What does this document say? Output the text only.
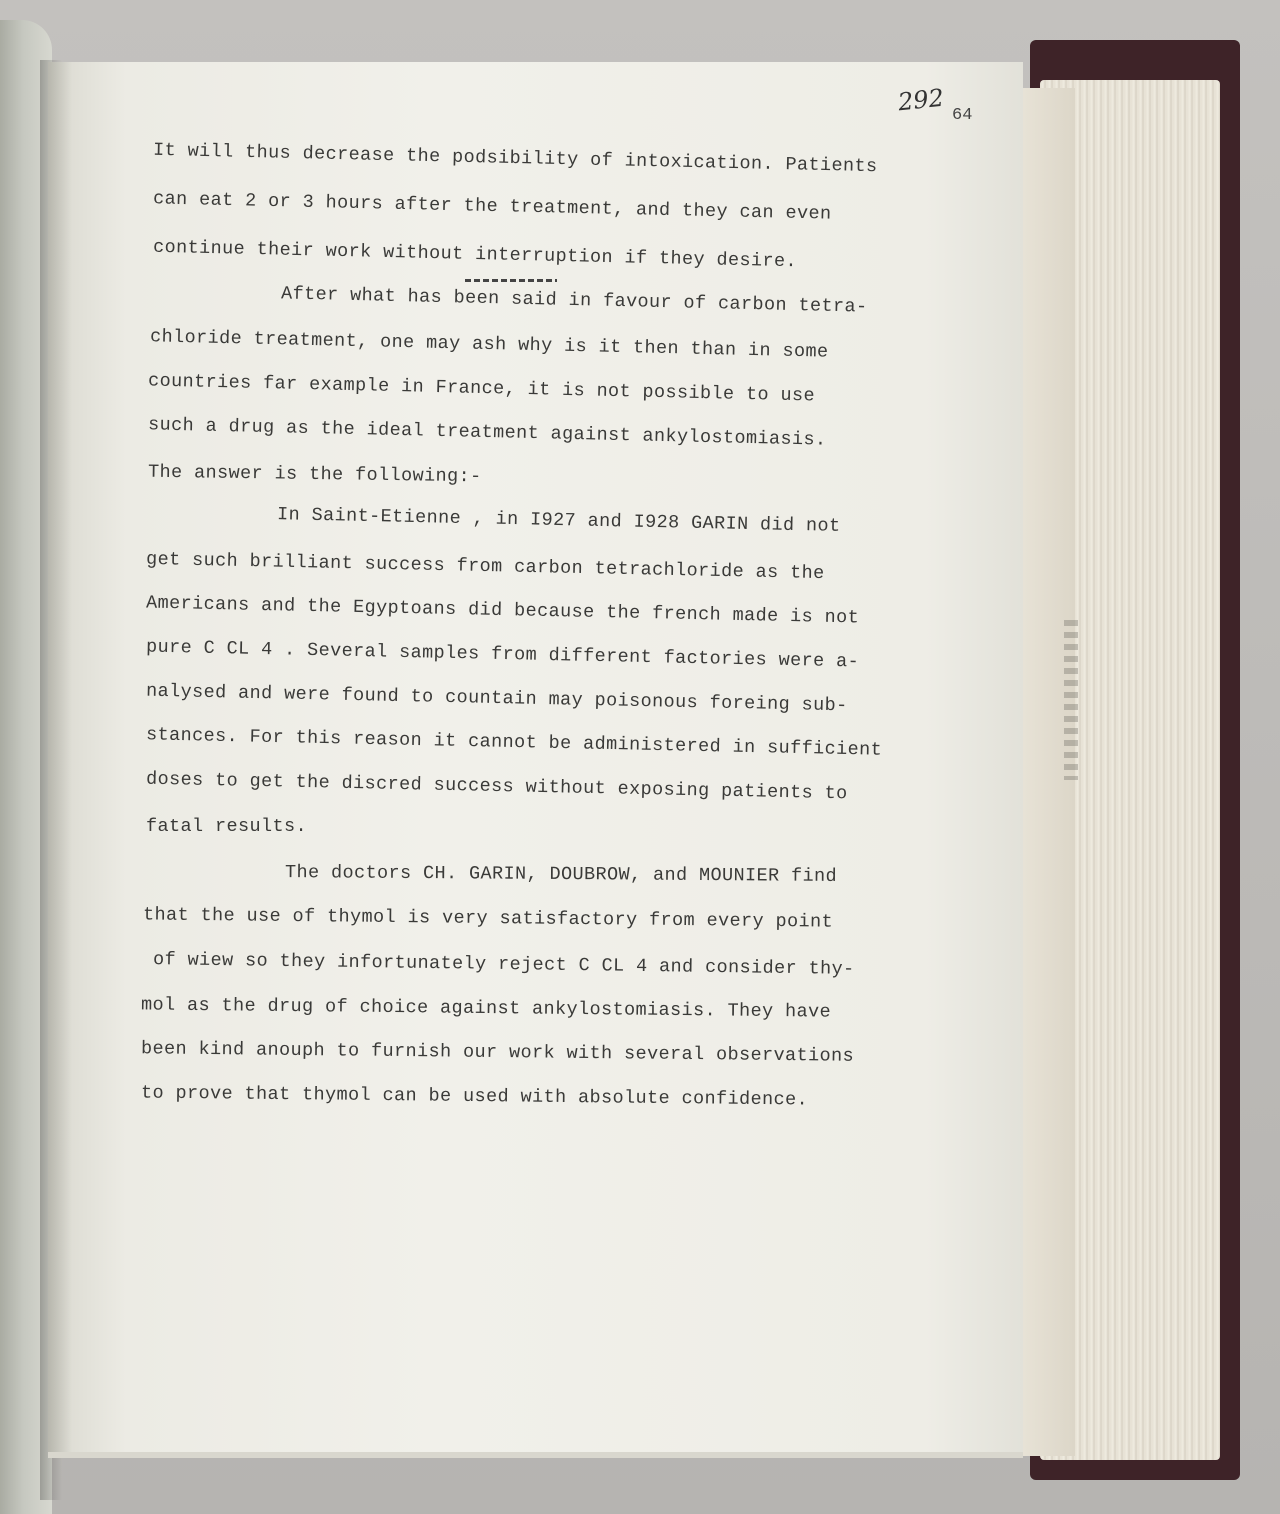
292 64
It will thus decrease the podsibility of intoxication. Patients
can eat 2 or 3 hours after the treatment, and they can even
continue their work without interruption if they desire.
After what has been said in favour of carbon tetra-
chloride treatment, one may ash why is it then than in some
countries far example in France, it is not possible to use
such a drug as the ideal treatment against ankylostomiasis.
The answer is the following:-
In Saint-Etienne , in I927 and I928 GARIN did not
get such brilliant success from carbon tetrachloride as the
Americans and the Egyptoans did because the french made is not
pure C CL 4 . Several samples from different factories were a-
nalysed and were found to countain may poisonous foreing sub-
stances. For this reason it cannot be administered in sufficient
doses to get the discred success without exposing patients to
fatal results.
The doctors CH. GARIN, DOUBROW, and MOUNIER find
that the use of thymol is very satisfactory from every point
of wiew so they infortunately reject C CL 4 and consider thy-
mol as the drug of choice against ankylostomiasis. They have
been kind anouph to furnish our work with several observations
to prove that thymol can be used with absolute confidence.
